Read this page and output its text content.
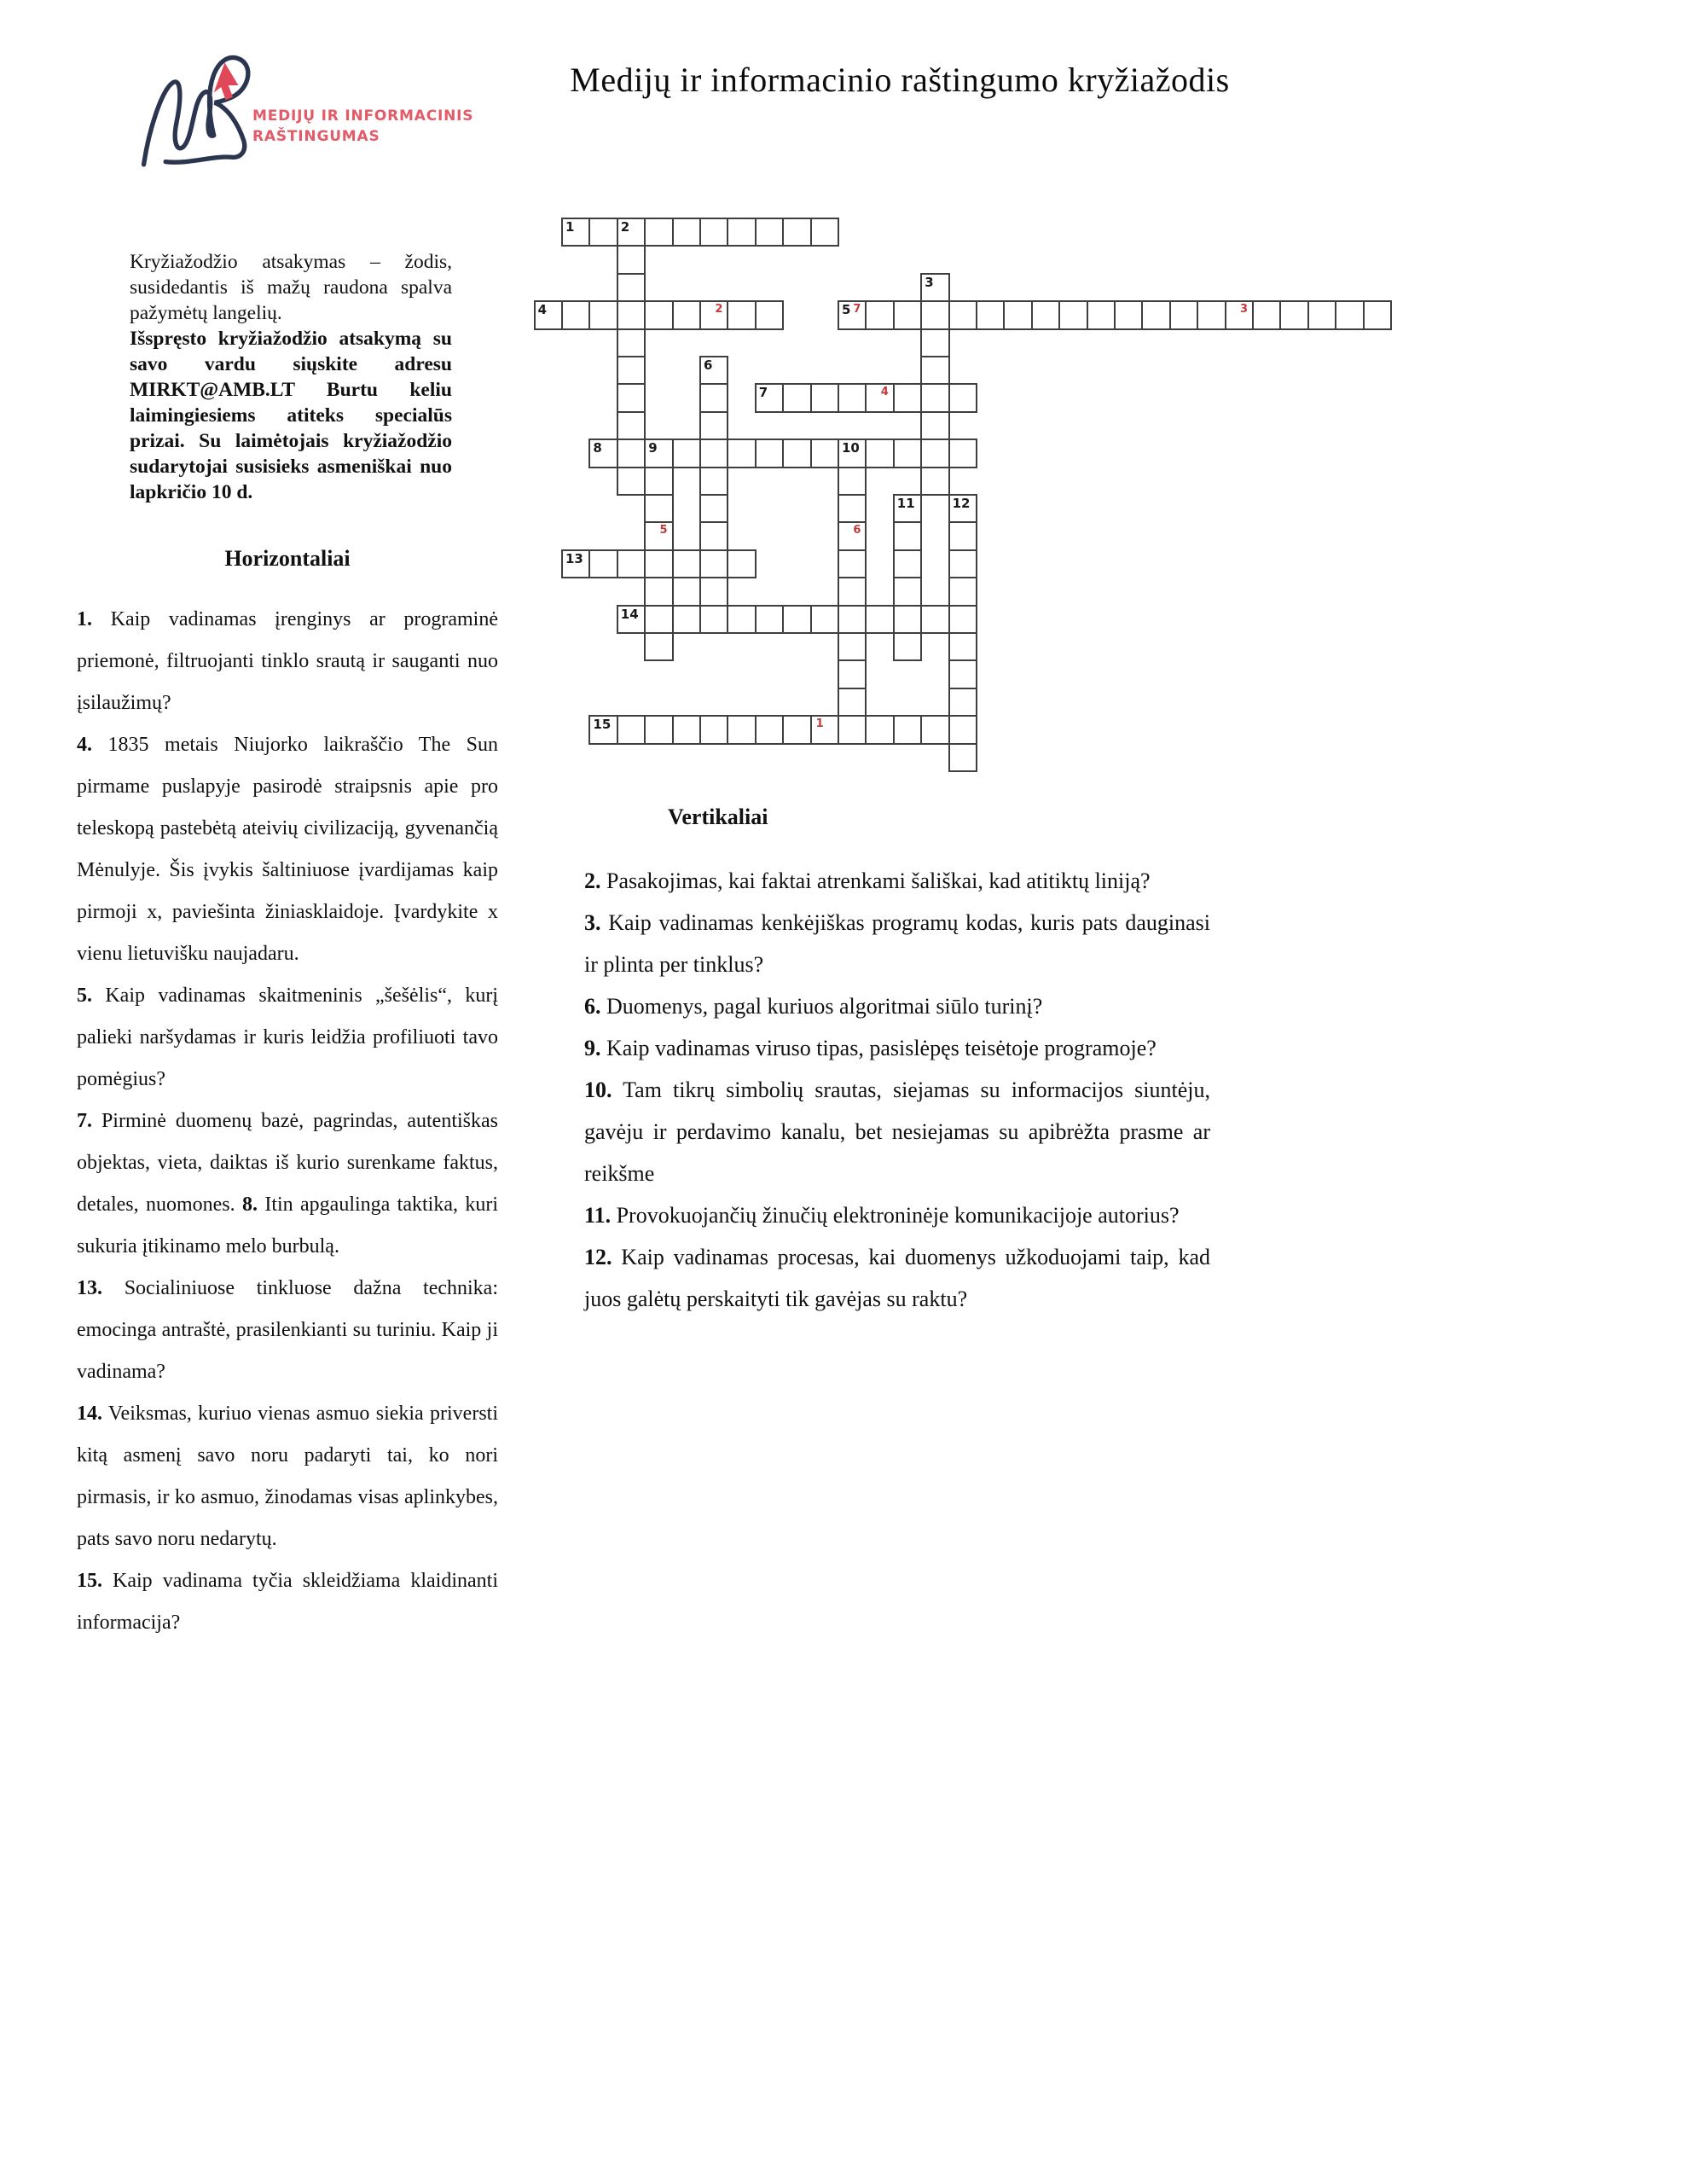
MEDIJŲ IR INFORMACINIS
RAŠTINGUMAS
Medijų ir informacinio raštingumo kryžiažodis

Kryžiažodžio atsakymas – žodis, susidedantis iš mažų raudona spalva pažymėtų langelių.

Išspręsto kryžiažodžio atsakymą su savo vardu siųskite adresu MIRKT@AMB.LT Burtu keliu laimingiesiems atiteks specialūs prizai. Su laimėtojais kryžiažodžio sudarytojai susisieks asmeniškai nuo lapkričio 10 d.

1
4	2	5 7	3
7	4
8
13
14
15	1
2
3
6
9
5
10
6
11	12
Horizontaliai

1. Kaip vadinamas įrenginys ar programinė priemonė, filtruojanti tinklo srautą ir sauganti nuo įsilaužimų?

4. 1835 metais Niujorko laikraščio The Sun pirmame puslapyje pasirodė straipsnis apie pro teleskopą pastebėtą ateivių civilizaciją, gyvenančią Mėnulyje. Šis įvykis šaltiniuose įvardijamas kaip pirmoji x, paviešinta žiniasklaidoje. Įvardykite x vienu lietuvišku naujadaru.

5. Kaip vadinamas skaitmeninis „šešėlis“, kurį palieki naršydamas ir kuris leidžia profiliuoti tavo pomėgius?

7. Pirminė duomenų bazė, pagrindas, autentiškas objektas, vieta, daiktas iš kurio surenkame faktus, detales, nuomones. 8. Itin apgaulinga taktika, kuri sukuria įtikinamo melo burbulą.

13. Socialiniuose tinkluose dažna technika: emocinga antraštė, prasilenkianti su turiniu. Kaip ji vadinama?

14. Veiksmas, kuriuo vienas asmuo siekia priversti kitą asmenį savo noru padaryti tai, ko nori pirmasis, ir ko asmuo, žinodamas visas aplinkybes, pats savo noru nedarytų.

15. Kaip vadinama tyčia skleidžiama klaidinanti informacija?

Vertikaliai

2. Pasakojimas, kai faktai atrenkami šališkai, kad atitiktų liniją?

3. Kaip vadinamas kenkėjiškas programų kodas, kuris pats dauginasi ir plinta per tinklus?

6. Duomenys, pagal kuriuos algoritmai siūlo turinį?

9. Kaip vadinamas viruso tipas, pasislėpęs teisėtoje programoje?

10. Tam tikrų simbolių srautas, siejamas su informacijos siuntėju, gavėju ir perdavimo kanalu, bet nesiejamas su apibrėžta prasme ar reikšme

11. Provokuojančių žinučių elektroninėje komunikacijoje autorius?

12. Kaip vadinamas procesas, kai duomenys užkoduojami taip, kad juos galėtų perskaityti tik gavėjas su raktu?
